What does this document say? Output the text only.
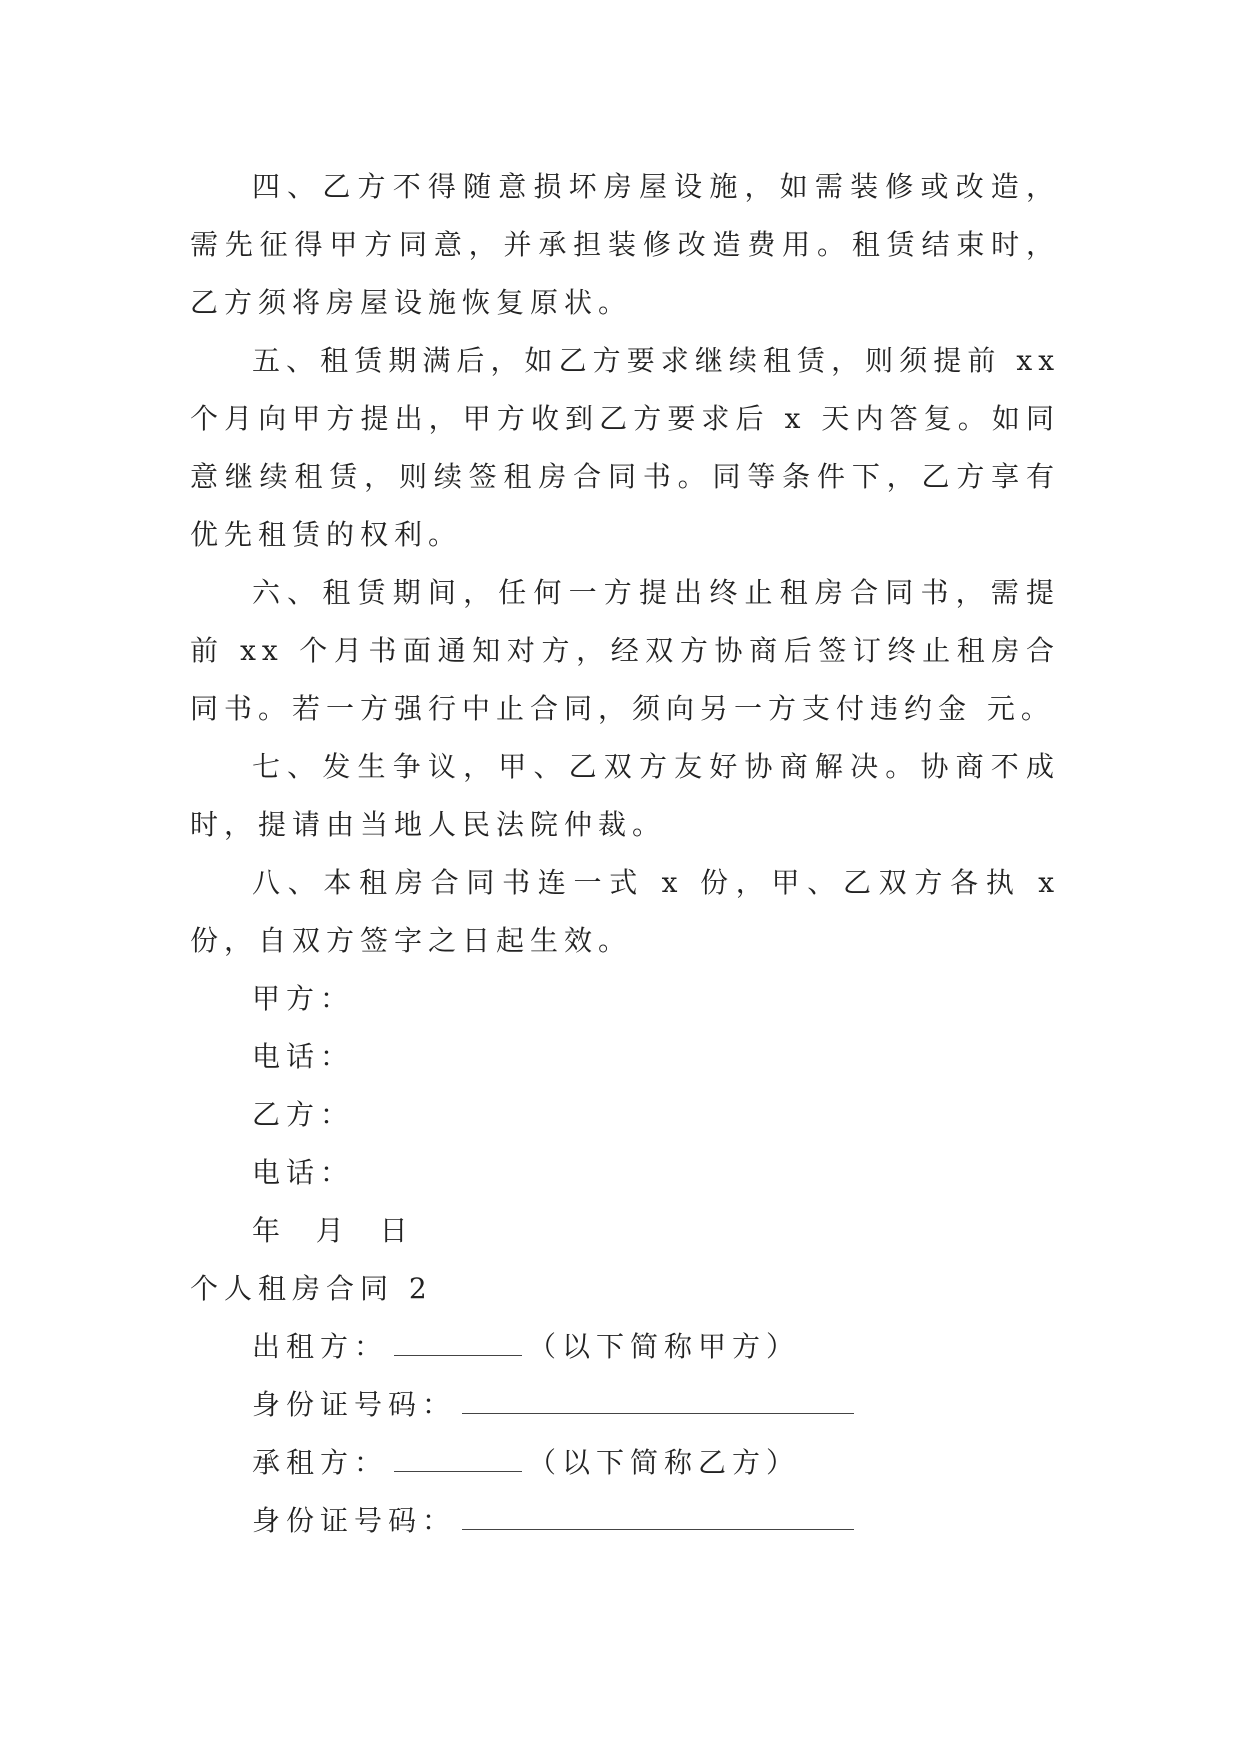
四、乙方不得随意损坏房屋设施，如需装修或改造，需先征得甲方同意，并承担装修改造费用。租赁结束时，乙方须将房屋设施恢复原状。

五、租赁期满后，如乙方要求继续租赁，则须提前 xx 个月向甲方提出，甲方收到乙方要求后 x 天内答复。如同意继续租赁，则续签租房合同书。同等条件下，乙方享有优先租赁的权利。

六、租赁期间，任何一方提出终止租房合同书，需提前 xx 个月书面通知对方，经双方协商后签订终止租房合同书。若一方强行中止合同，须向另一方支付违约金 元。

七、发生争议，甲、乙双方友好协商解决。协商不成时，提请由当地人民法院仲裁。

八、本租房合同书连一式 x 份，甲、乙双方各执 x 份，自双方签字之日起生效。

甲方：

电话：

乙方：

电话：

年  月  日

个人租房合同 2

出租方：	（以下简称甲方）

身份证号码：

承租方：	（以下简称乙方）

身份证号码：
